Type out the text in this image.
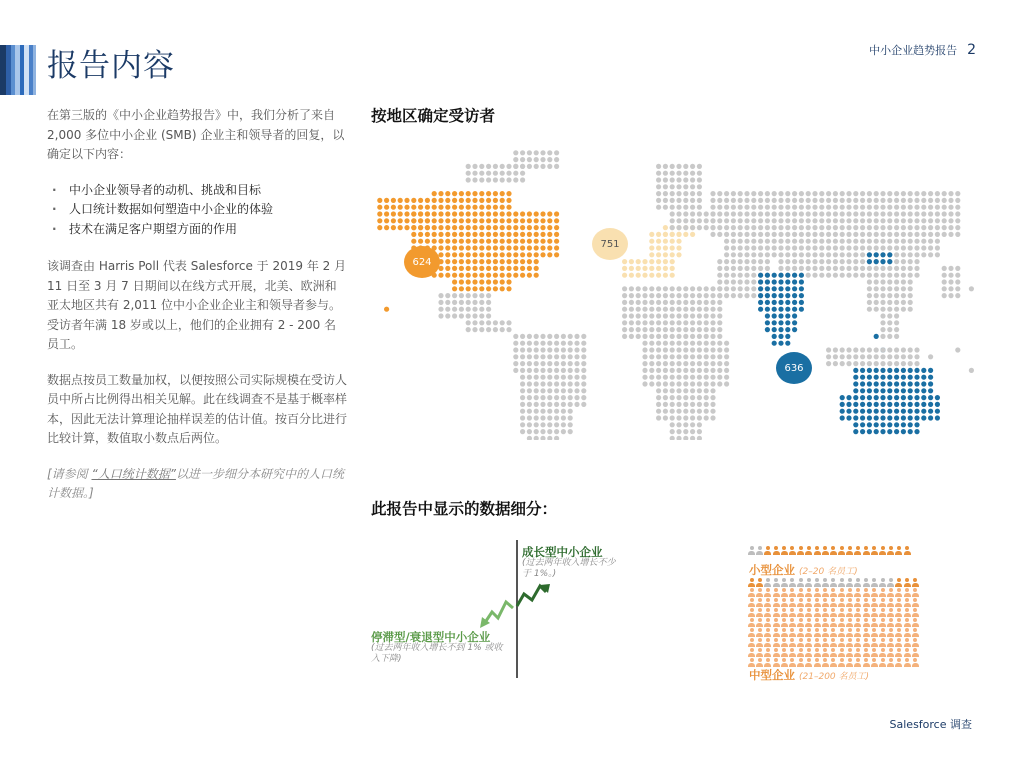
报告内容	中小企业趋势报告 2

在第三版的《中小企业趋势报告》中，我们分析了来自 2,000 多位中小企业 (SMB) 企业主和领导者的回复，以确定以下内容：

· 中小企业领导者的动机、挑战和目标
· 人口统计数据如何塑造中小企业的体验
· 技术在满足客户期望方面的作用

该调查由 Harris Poll 代表 Salesforce 于 2019 年 2 月 11 日至 3 月 7 日期间以在线方式开展，北美、欧洲和亚太地区共有 2,011 位中小企业企业主和领导者参与。受访者年满 18 岁或以上，他们的企业拥有 2 - 200 名员工。

数据点按员工数量加权，以便按照公司实际规模在受访人员中所占比例得出相关见解。此在线调查不是基于概率样本，因此无法计算理论抽样误差的估计值。按百分比进行比较计算，数值取小数点后两位。

[请参阅 “人口统计数据”以进一步细分本研究中的人口统计数据。]

按地区确定受访者
624
751
636
此报告中显示的数据细分：
成长型中小企业
(过去两年收入增长不少于 1%。)
停滞型/衰退型中小企业
(过去两年收入增长不到 1% 或收入下降)
小型企业 (2–20 名员工)
中型企业 (21–200 名员工)
Salesforce 调查
